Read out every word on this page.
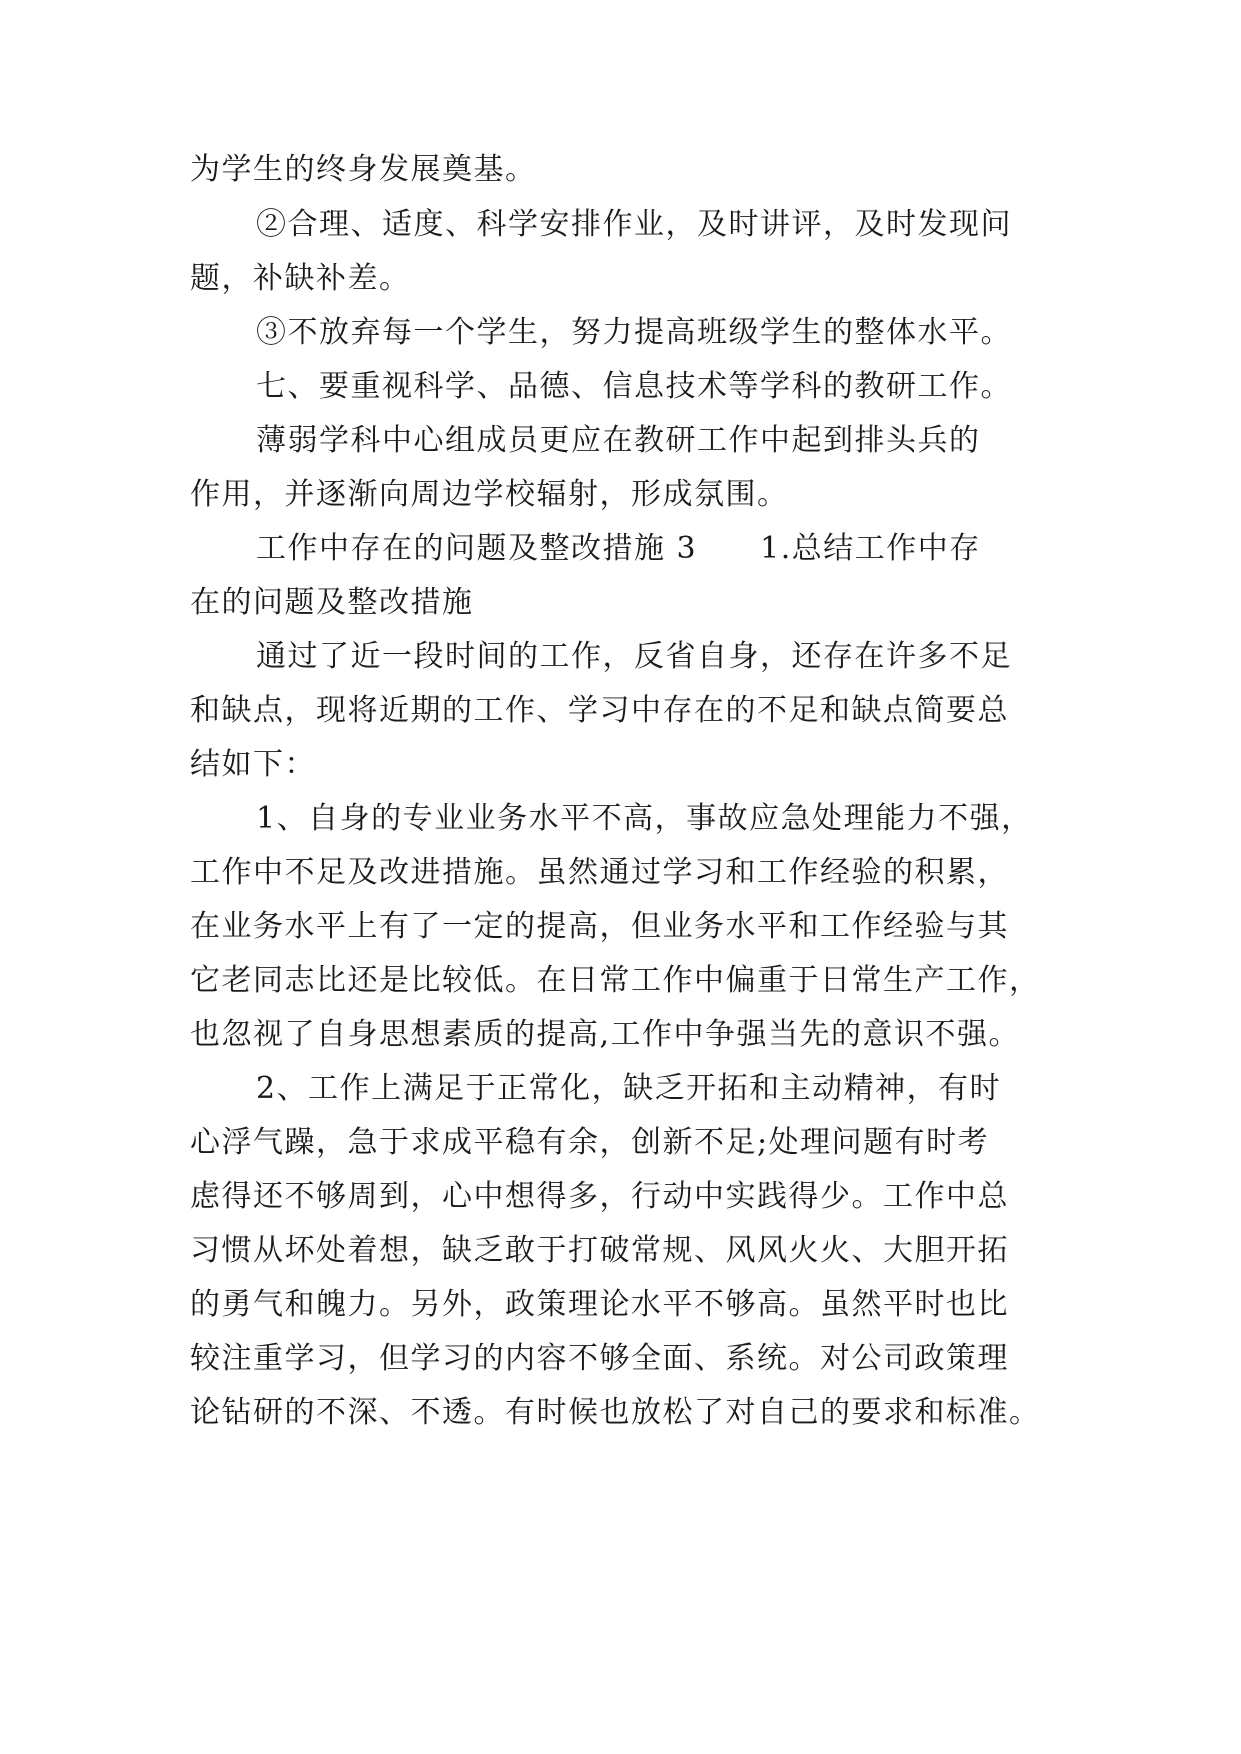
为学生的终身发展奠基。
②合理、适度、科学安排作业，及时讲评，及时发现问
题，补缺补差。
③不放弃每一个学生，努力提高班级学生的整体水平。
七、要重视科学、品德、信息技术等学科的教研工作。
薄弱学科中心组成员更应在教研工作中起到排头兵的
作用，并逐渐向周边学校辐射，形成氛围。
工作中存在的问题及整改措施 3　　1.总结工作中存
在的问题及整改措施
通过了近一段时间的工作，反省自身，还存在许多不足
和缺点，现将近期的工作、学习中存在的不足和缺点简要总
结如下：
1、自身的专业业务水平不高，事故应急处理能力不强，
工作中不足及改进措施。虽然通过学习和工作经验的积累，
在业务水平上有了一定的提高，但业务水平和工作经验与其
它老同志比还是比较低。在日常工作中偏重于日常生产工作，
也忽视了自身思想素质的提高,工作中争强当先的意识不强。
2、工作上满足于正常化，缺乏开拓和主动精神，有时
心浮气躁，急于求成平稳有余，创新不足;处理问题有时考
虑得还不够周到，心中想得多，行动中实践得少。工作中总
习惯从坏处着想，缺乏敢于打破常规、风风火火、大胆开拓
的勇气和魄力。另外，政策理论水平不够高。虽然平时也比
较注重学习，但学习的内容不够全面、系统。对公司政策理
论钻研的不深、不透。有时候也放松了对自己的要求和标准。
